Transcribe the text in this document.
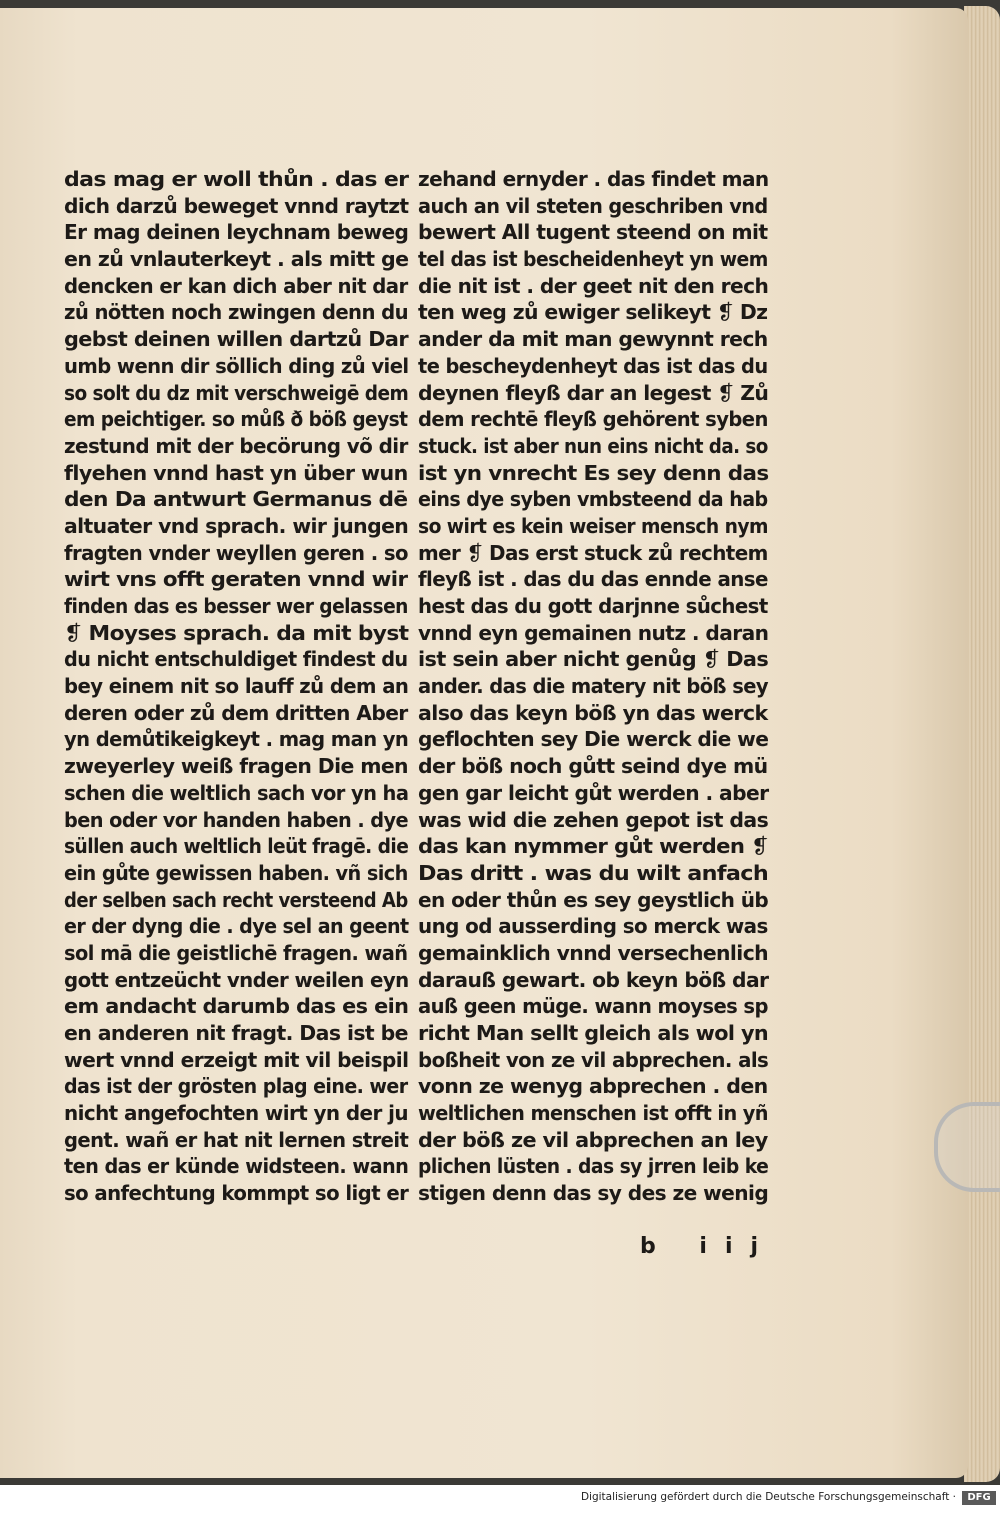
das mag er woll thůn . das er
dich darzů beweget vnnd raytzt
Er mag deinen leychnam beweg
en zů vnlauterkeyt . als mitt ge
dencken er kan dich aber nit dar
zů nötten noch zwingen denn du
gebst deinen willen dartzů Dar
umb wenn dir söllich ding zů viel
so solt du dz mit verschweigē dem
em peichtiger. so můß ð böß geyst
zestund mit der becörung võ dir
flyehen vnnd hast yn über wun
den Da antwurt Germanus dē
altuater vnd sprach. wir jungen
fragten vnder weyllen geren . so
wirt vns offt geraten vnnd wir
finden das es besser wer gelassen
❡ Moyses sprach. da mit byst
du nicht entschuldiget findest du
bey einem nit so lauff zů dem an
deren oder zů dem dritten Aber
yn demůtikeigkeyt . mag man yn
zweyerley weiß fragen Die men
schen die weltlich sach vor yn ha
ben oder vor handen haben . dye
süllen auch weltlich leüt fragē. die
ein gůte gewissen haben. vñ sich
der selben sach recht versteend Ab
er der dyng die . dye sel an geent
sol mā die geistlichē fragen. wañ
gott entzeücht vnder weilen eyn
em andacht darumb das es ein
en anderen nit fragt. Das ist be
wert vnnd erzeigt mit vil beispil
das ist der grösten plag eine. wer
nicht angefochten wirt yn der ju
gent. wañ er hat nit lernen streit
ten das er künde widsteen. wann
so anfechtung kommpt so ligt er
zehand ernyder . das findet man
auch an vil steten geschriben vnd
bewert All tugent steend on mit
tel das ist bescheidenheyt yn wem
die nit ist . der geet nit den rech
ten weg zů ewiger selikeyt ❡ Dz
ander da mit man gewynnt rech
te bescheydenheyt das ist das du
deynen fleyß dar an legest ❡ Zů
dem rechtē fleyß gehörent syben
stuck. ist aber nun eins nicht da. so
ist yn vnrecht Es sey denn das
eins dye syben vmbsteend da hab
so wirt es kein weiser mensch nym
mer ❡ Das erst stuck zů rechtem
fleyß ist . das du das ennde anse
hest das du gott darjnne sůchest
vnnd eyn gemainen nutz . daran
ist sein aber nicht genůg ❡ Das
ander. das die matery nit böß sey
also das keyn böß yn das werck
geflochten sey Die werck die we
der böß noch gůtt seind dye mü
gen gar leicht gůt werden . aber
was wid die zehen gepot ist das
das kan nymmer gůt werden ❡
Das dritt . was du wilt anfach
en oder thůn es sey geystlich üb
ung od ausserding so merck was
gemainklich vnnd versechenlich
darauß gewart. ob keyn böß dar
auß geen müge. wann moyses sp
richt Man sellt gleich als wol yn
boßheit von ze vil abprechen. als
vonn ze wenyg abprechen . den
weltlichen menschen ist offt in yñ
der böß ze vil abprechen an ley
plichen lüsten . das sy jrren leib ke
stigen denn das sy des ze wenig
b iij
Digitalisierung gefördert durch die Deutsche Forschungsgemeinschaft ·	DFG
